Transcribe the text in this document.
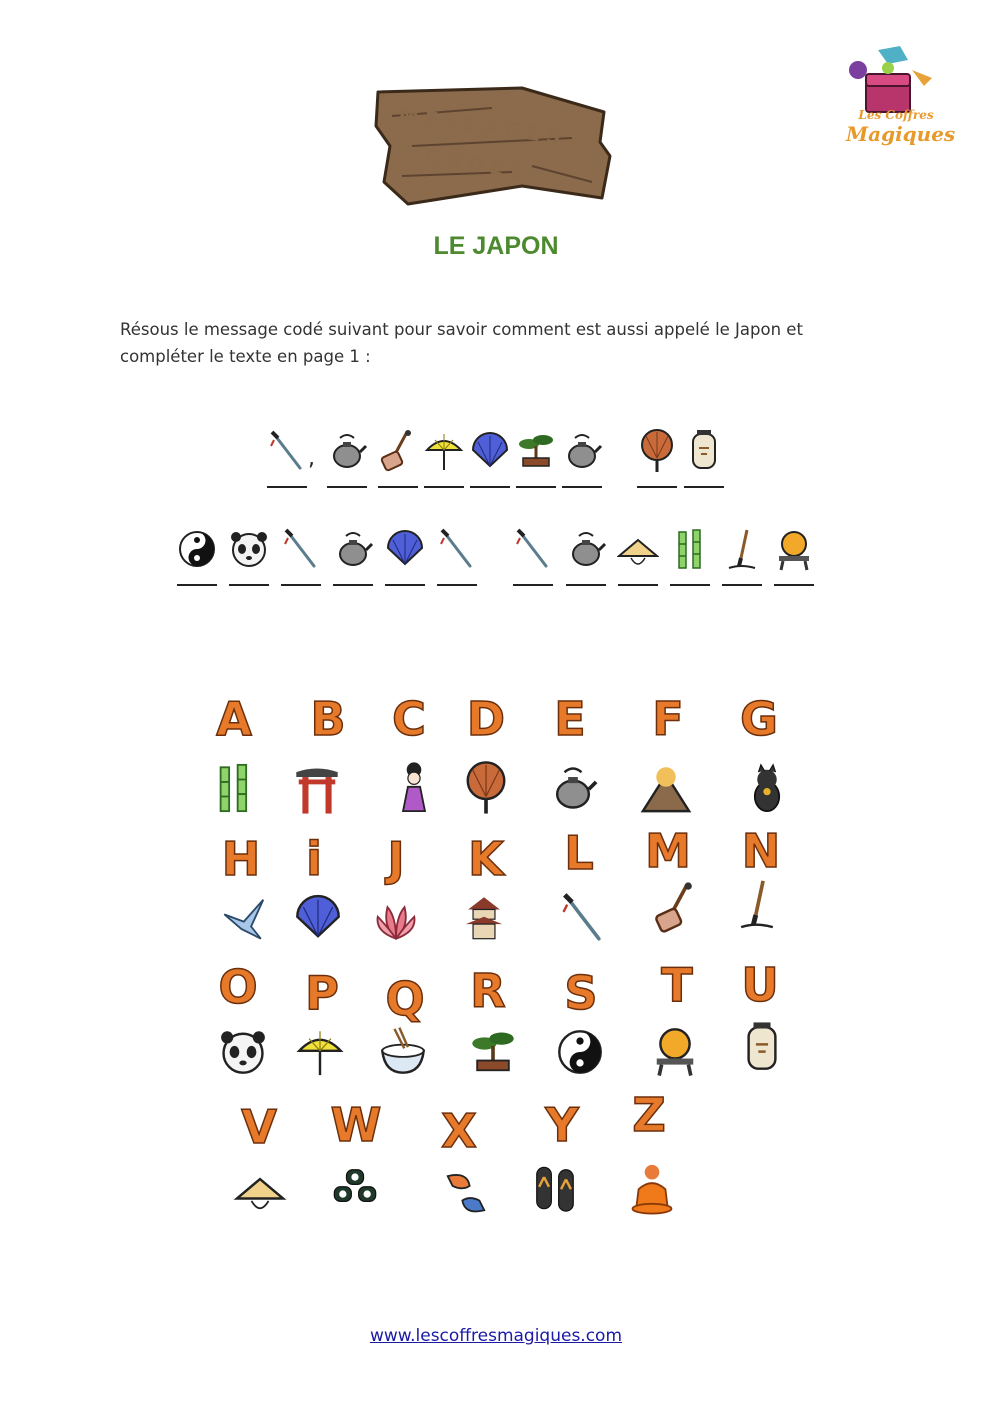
MESSAGES
CODÉS
Les Coffres
Magiques
LE JAPON
Résous le message codé suivant pour savoir comment est aussi appelé le Japon et compléter le texte en page 1 :
,
A	B	C D	E	F	G
H i	J	K	L	M	N
O	P	Q R	S	T	U
V	W	X	Y	Z
www.lescoffresmagiques.com
